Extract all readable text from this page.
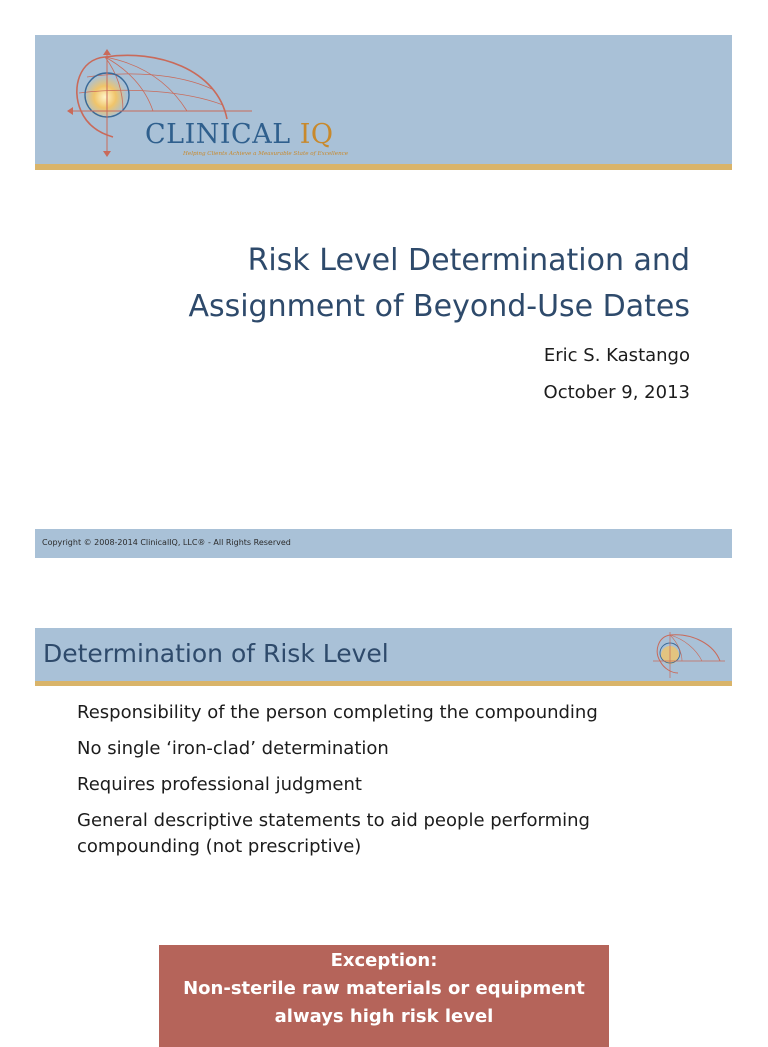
CLINICAL IQ
Helping Clients Achieve a Measurable State of Excellence
Risk Level Determination and
Assignment of Beyond-Use Dates
Eric S. Kastango
October 9, 2013
Copyright © 2008-2014 ClinicalIQ, LLC® - All Rights Reserved
Determination of Risk Level
Responsibility of the person completing the compounding
No single ‘iron-clad’ determination
Requires professional judgment
General descriptive statements to aid people performing compounding (not prescriptive)
Exception:
Non-sterile raw materials or equipment
always high risk level
